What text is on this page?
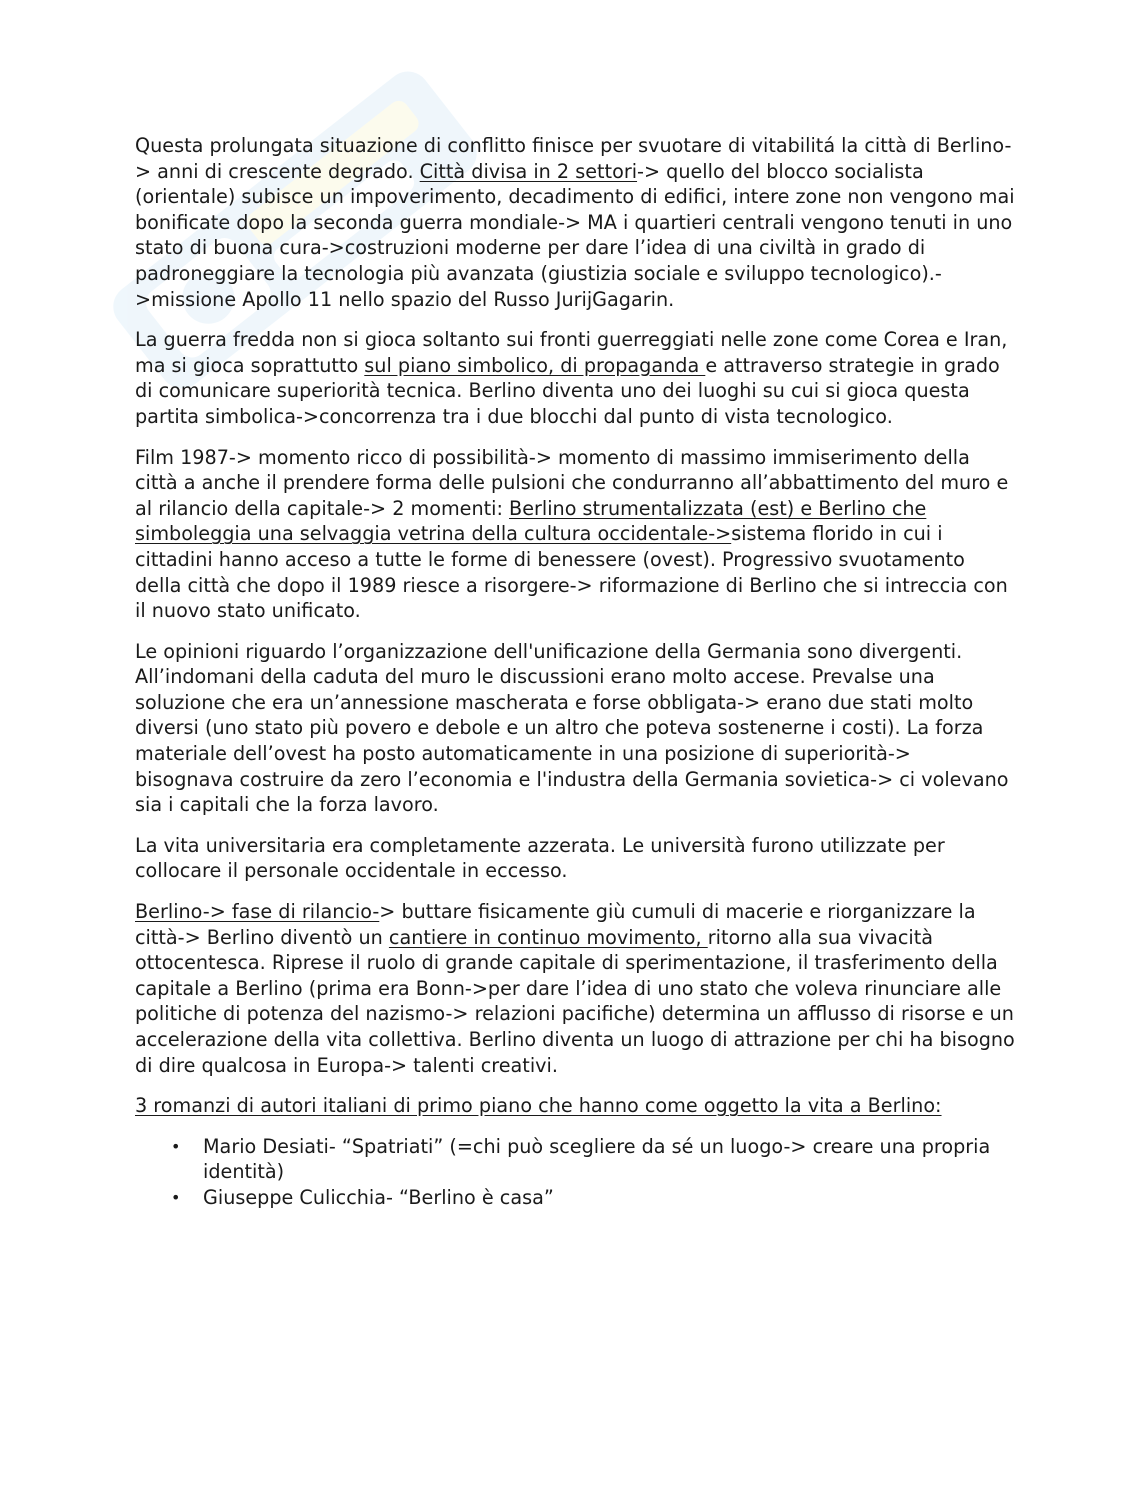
Questa prolungata situazione di conflitto finisce per svuotare di vitabilitá la città di Berlino-> anni di crescente degrado. Città divisa in 2 settori-> quello del blocco socialista (orientale) subisce un impoverimento, decadimento di edifici, intere zone non vengono mai bonificate dopo la seconda guerra mondiale-> MA i quartieri centrali vengono tenuti in uno stato di buona cura->costruzioni moderne per dare l’idea di una civiltà in grado di padroneggiare la tecnologia più avanzata (giustizia sociale e sviluppo tecnologico).->missione Apollo 11 nello spazio del Russo JurijGagarin.

La guerra fredda non si gioca soltanto sui fronti guerreggiati nelle zone come Corea e Iran, ma si gioca soprattutto sul piano simbolico, di propaganda e attraverso strategie in grado di comunicare superiorità tecnica. Berlino diventa uno dei luoghi su cui si gioca questa partita simbolica->concorrenza tra i due blocchi dal punto di vista tecnologico.

Film 1987-> momento ricco di possibilità-> momento di massimo immiserimento della città a anche il prendere forma delle pulsioni che condurranno all’abbattimento del muro e al rilancio della capitale-> 2 momenti: Berlino strumentalizzata (est) e Berlino che simboleggia una selvaggia vetrina della cultura occidentale->sistema florido in cui i cittadini hanno acceso a tutte le forme di benessere (ovest). Progressivo svuotamento della città che dopo il 1989 riesce a risorgere-> riformazione di Berlino che si intreccia con il nuovo stato unificato.

Le opinioni riguardo l’organizzazione dell'unificazione della Germania sono divergenti. All’indomani della caduta del muro le discussioni erano molto accese. Prevalse una soluzione che era un’annessione mascherata e forse obbligata-> erano due stati molto diversi (uno stato più povero e debole e un altro che poteva sostenerne i costi). La forza materiale dell’ovest ha posto automaticamente in una posizione di superiorità-> bisognava costruire da zero l’economia e l'industra della Germania sovietica-> ci volevano sia i capitali che la forza lavoro.

La vita universitaria era completamente azzerata. Le università furono utilizzate per collocare il personale occidentale in eccesso.

Berlino-> fase di rilancio-> buttare fisicamente giù cumuli di macerie e riorganizzare la città-> Berlino diventò un cantiere in continuo movimento, ritorno alla sua vivacità ottocentesca. Riprese il ruolo di grande capitale di sperimentazione, il trasferimento della capitale a Berlino (prima era Bonn->per dare l’idea di uno stato che voleva rinunciare alle politiche di potenza del nazismo-> relazioni pacifiche) determina un afflusso di risorse e un accelerazione della vita collettiva. Berlino diventa un luogo di attrazione per chi ha bisogno di dire qualcosa in Europa-> talenti creativi.

3 romanzi di autori italiani di primo piano che hanno come oggetto la vita a Berlino:

• Mario Desiati- “Spatriati” (=chi può scegliere da sé un luogo-> creare una propria identità)
• Giuseppe Culicchia- “Berlino è casa”
